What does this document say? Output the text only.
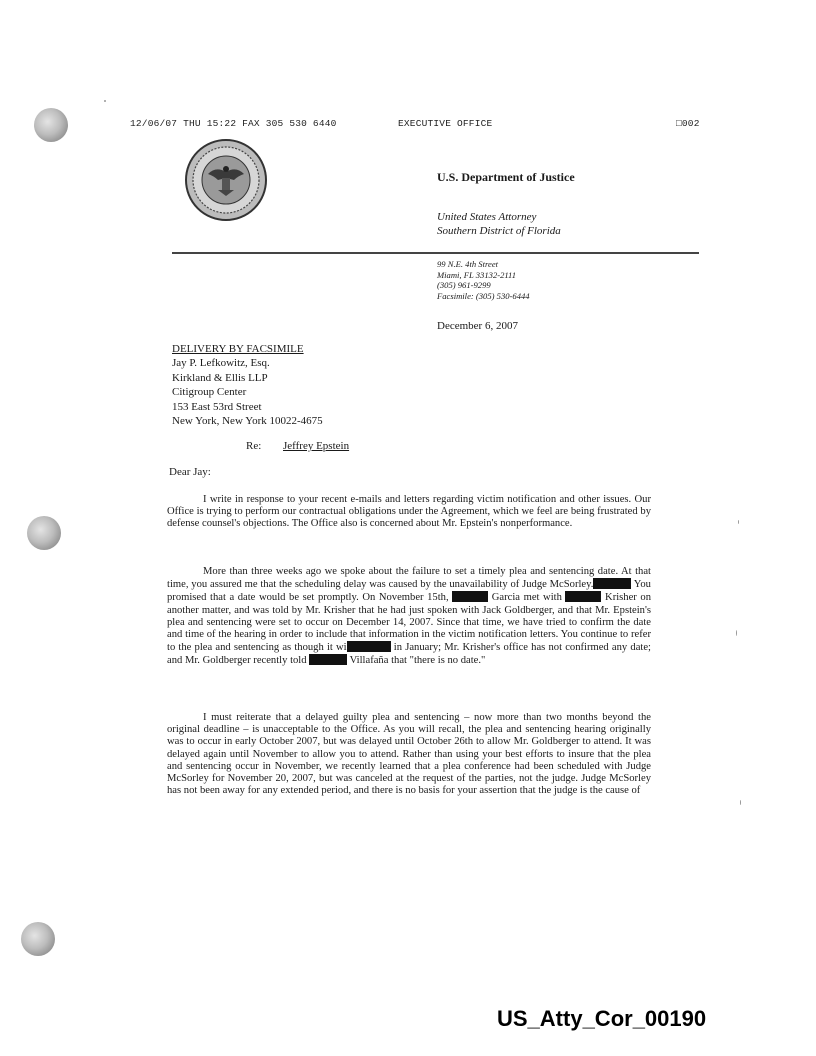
12/06/07 THU 15:22 FAX 305 530 6440	EXECUTIVE OFFICE	□002
U.S. Department of Justice
United States Attorney
Southern District of Florida
99 N.E. 4th Street
Miami, FL 33132-2111
(305) 961-9299
Facsimile: (305) 530-6444
December 6, 2007
DELIVERY BY FACSIMILE
Jay P. Lefkowitz, Esq.
Kirkland & Ellis LLP
Citigroup Center
153 East 53rd Street
New York, New York 10022-4675
Re: Jeffrey Epstein
Dear Jay:

I write in response to your recent e-mails and letters regarding victim notification and other issues. Our Office is trying to perform our contractual obligations under the Agreement, which we feel are being frustrated by defense counsel's objections. The Office also is concerned about Mr. Epstein's nonperformance.

More than three weeks ago we spoke about the failure to set a timely plea and sentencing date. At that time, you assured me that the scheduling delay was caused by the unavailability of Judge McSorley.	You promised that a date would be set promptly. On November 15th,	Garcia met with	Krisher on another matter, and was told by Mr. Krisher that he had just spoken with Jack Goldberger, and that Mr. Epstein's plea and sentencing were set to occur on December 14, 2007. Since that time, we have tried to confirm the date and time of the hearing in order to include that information in the victim notification letters. You continue to refer to the plea and sentencing as though it wi	in January; Mr. Krisher's office has not confirmed any date; and Mr. Goldberger recently told	Villafaña that "there is no date."

I must reiterate that a delayed guilty plea and sentencing – now more than two months beyond the original deadline – is unacceptable to the Office. As you will recall, the plea and sentencing hearing originally was to occur in early October 2007, but was delayed until October 26th to allow Mr. Goldberger to attend. It was delayed again until November to allow you to attend. Rather than using your best efforts to insure that the plea and sentencing occur in November, we recently learned that a plea conference had been scheduled with Judge McSorley for November 20, 2007, but was canceled at the request of the parties, not the judge. Judge McSorley has not been away for any extended period, and there is no basis for your assertion that the judge is the cause of

US_Atty_Cor_00190
